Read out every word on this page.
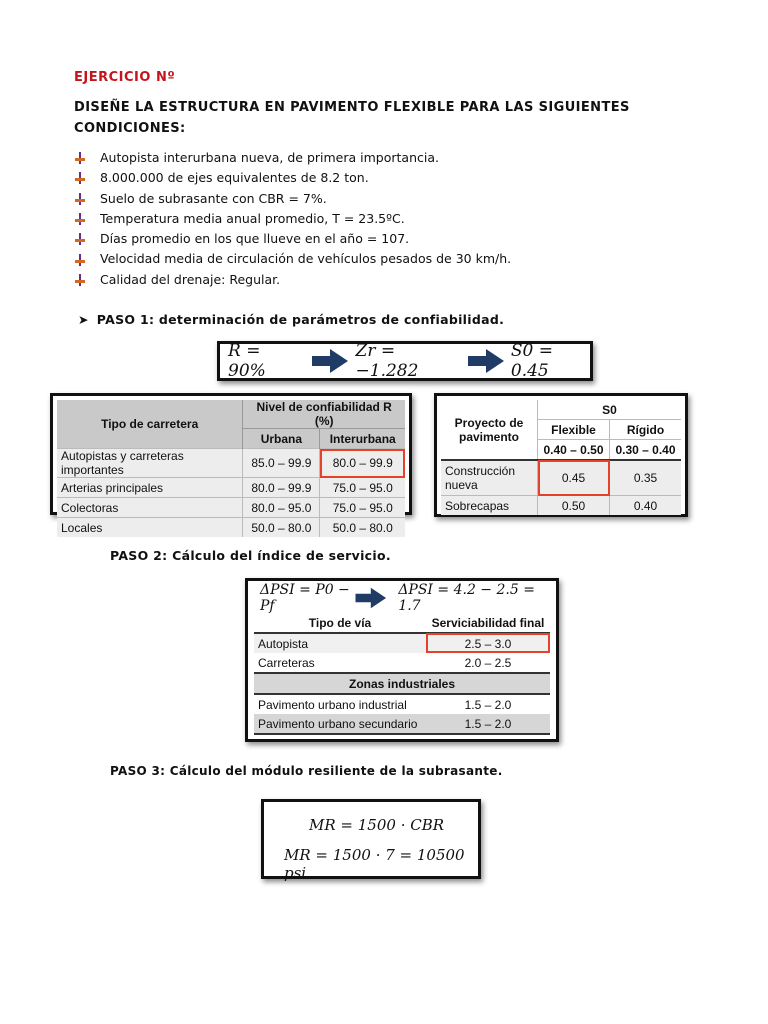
EJERCICIO Nº
DISEÑE LA ESTRUCTURA EN PAVIMENTO FLEXIBLE PARA LAS SIGUIENTES CONDICIONES:
Autopista interurbana nueva, de primera importancia.
8.000.000 de ejes equivalentes de 8.2 ton.
Suelo de subrasante con CBR = 7%.
Temperatura media anual promedio, T = 23.5ºC.
Días promedio en los que llueve en el año = 107.
Velocidad media de circulación de vehículos pesados de 30 km/h.
Calidad del drenaje: Regular.
➤ PASO 1: determinación de parámetros de confiabilidad.
R = 90%
Zr = −1.282
S0 = 0.45
Tipo de carretera	Nivel de confiabilidad R (%)	
	Urbana	Interurbana
Autopistas y carreteras importantes	85.0 – 99.9	80.0 – 99.9
Arterias principales	80.0 – 99.9	75.0 – 95.0
Colectoras	80.0 – 95.0	75.0 – 95.0
Locales	50.0 – 80.0	50.0 – 80.0
Proyecto de pavimento	S0	
	Flexible	Rígido
	0.40 – 0.50	0.30 – 0.40
Construcción nueva	0.45	0.35
Sobrecapas	0.50	0.40
PASO 2: Cálculo del índice de servicio.
ΔPSI = P0 − Pf
ΔPSI = 4.2 − 2.5 = 1.7
Tipo de vía	Serviciabilidad final
Autopista	2.5 – 3.0
Carreteras	2.0 – 2.5
Zonas industriales	
Pavimento urbano industrial	1.5 – 2.0
Pavimento urbano secundario	1.5 – 2.0
PASO 3: Cálculo del módulo resiliente de la subrasante.
MR = 1500 · CBR
MR = 1500 · 7 = 10500 psi
